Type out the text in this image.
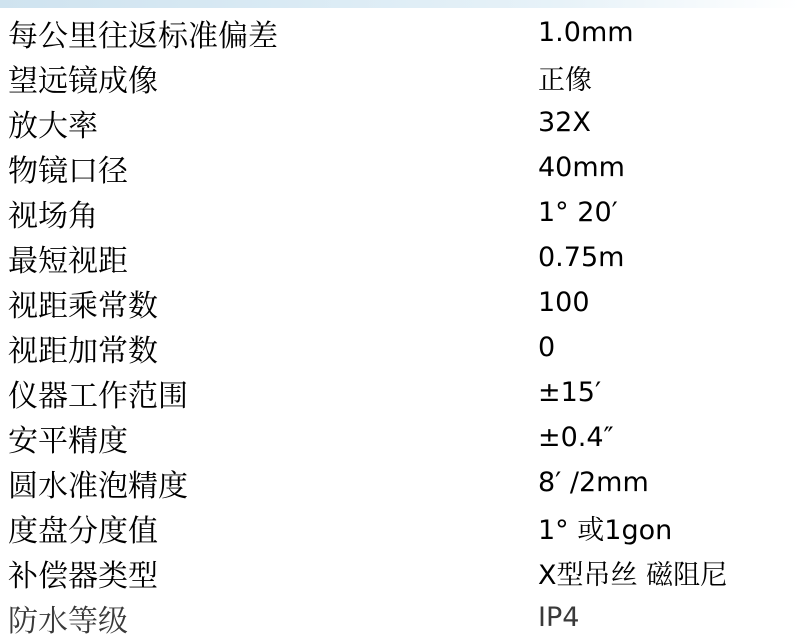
每公里往返标准偏差	1.0mm
望远镜成像	正像
放大率	32X
物镜口径	40mm
视场角	1° 20′
最短视距	0.75m
视距乘常数	100
视距加常数	0
仪器工作范围	±15′
安平精度	±0.4″
圆水准泡精度	8′ /2mm
度盘分度值	1° 或1gon
补偿器类型	X型吊丝 磁阻尼
防水等级	IP4
